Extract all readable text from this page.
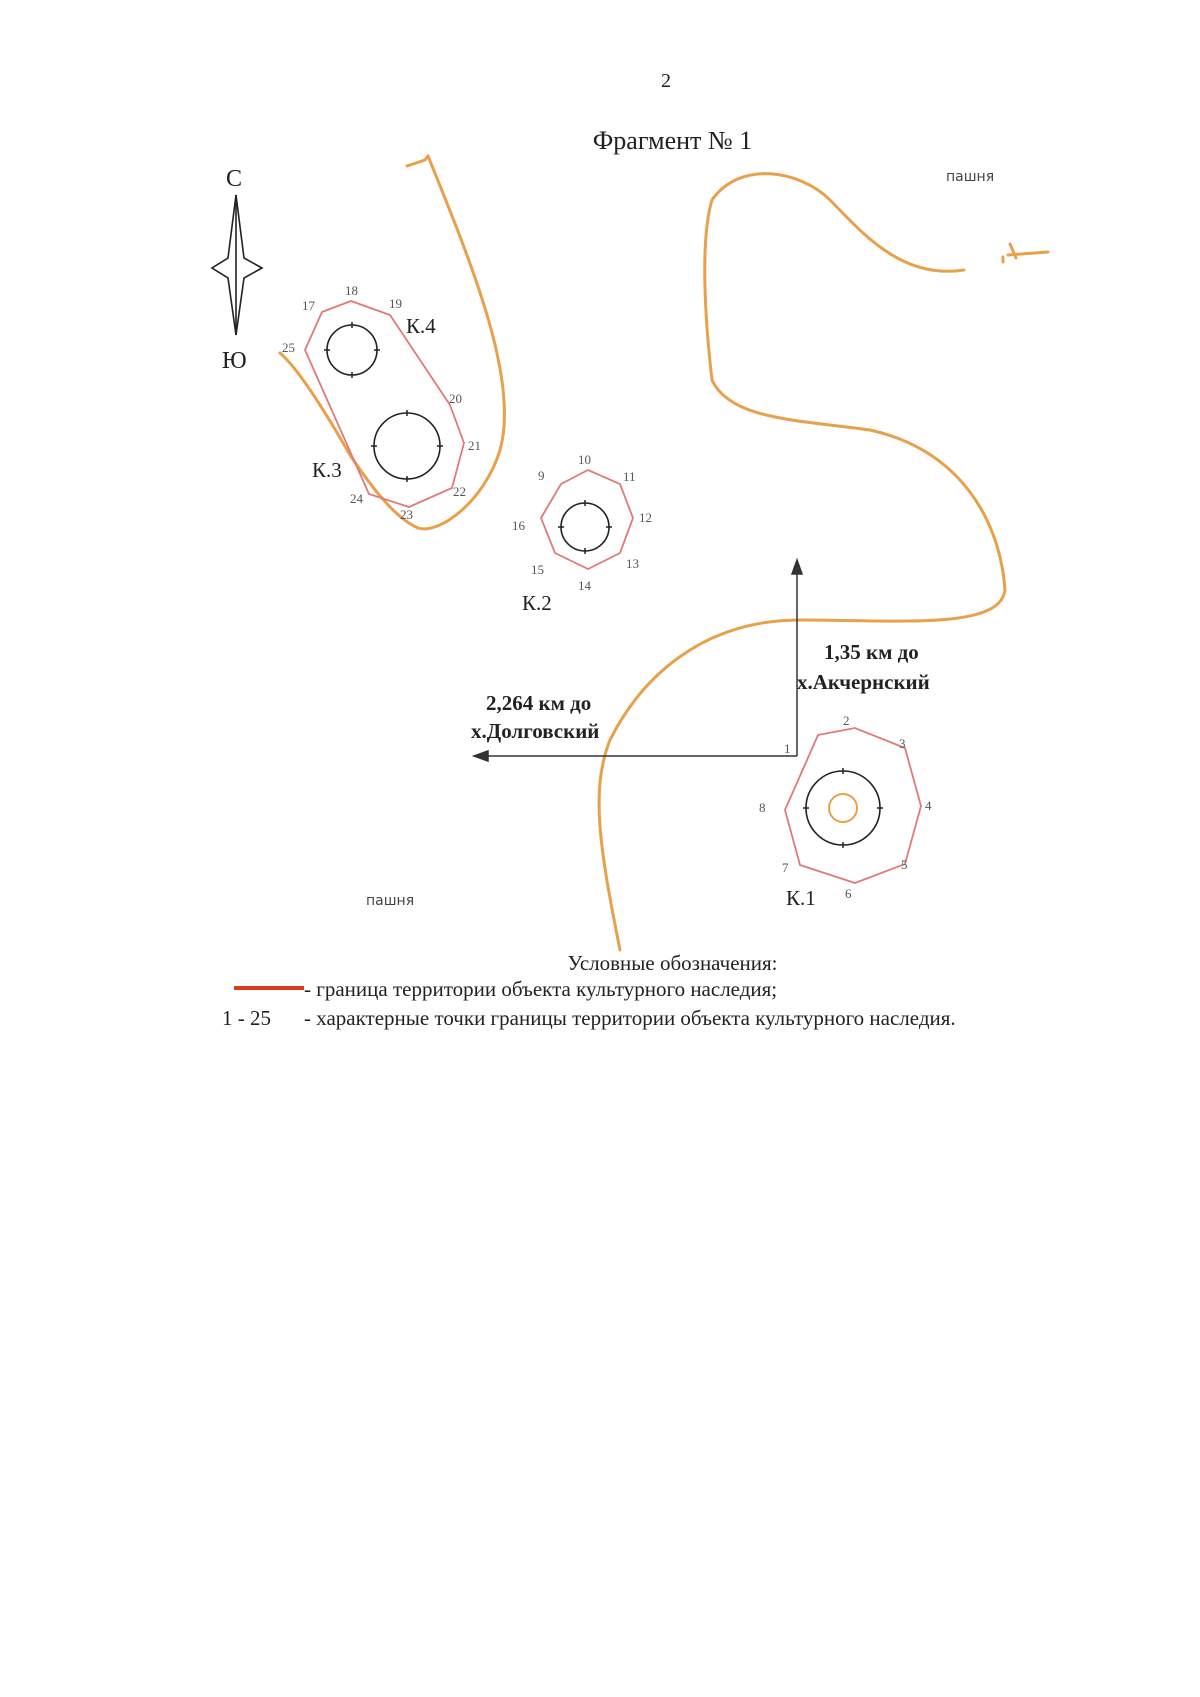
2
Фрагмент № 1
К.4
К.3
К.2
К.1
1,35 км до
х.Акчернский
2,264 км до
х.Долговский
1
2
3
4
5
6
7
8
9
10
11
12
13
14
15
16
17
18
19
20
21
22
23
24
25
С
Ю
пашня
пашня
Условные обозначения:
- граница территории объекта культурного наследия;
1 - 25 - характерные точки границы территории объекта культурного наследия.
